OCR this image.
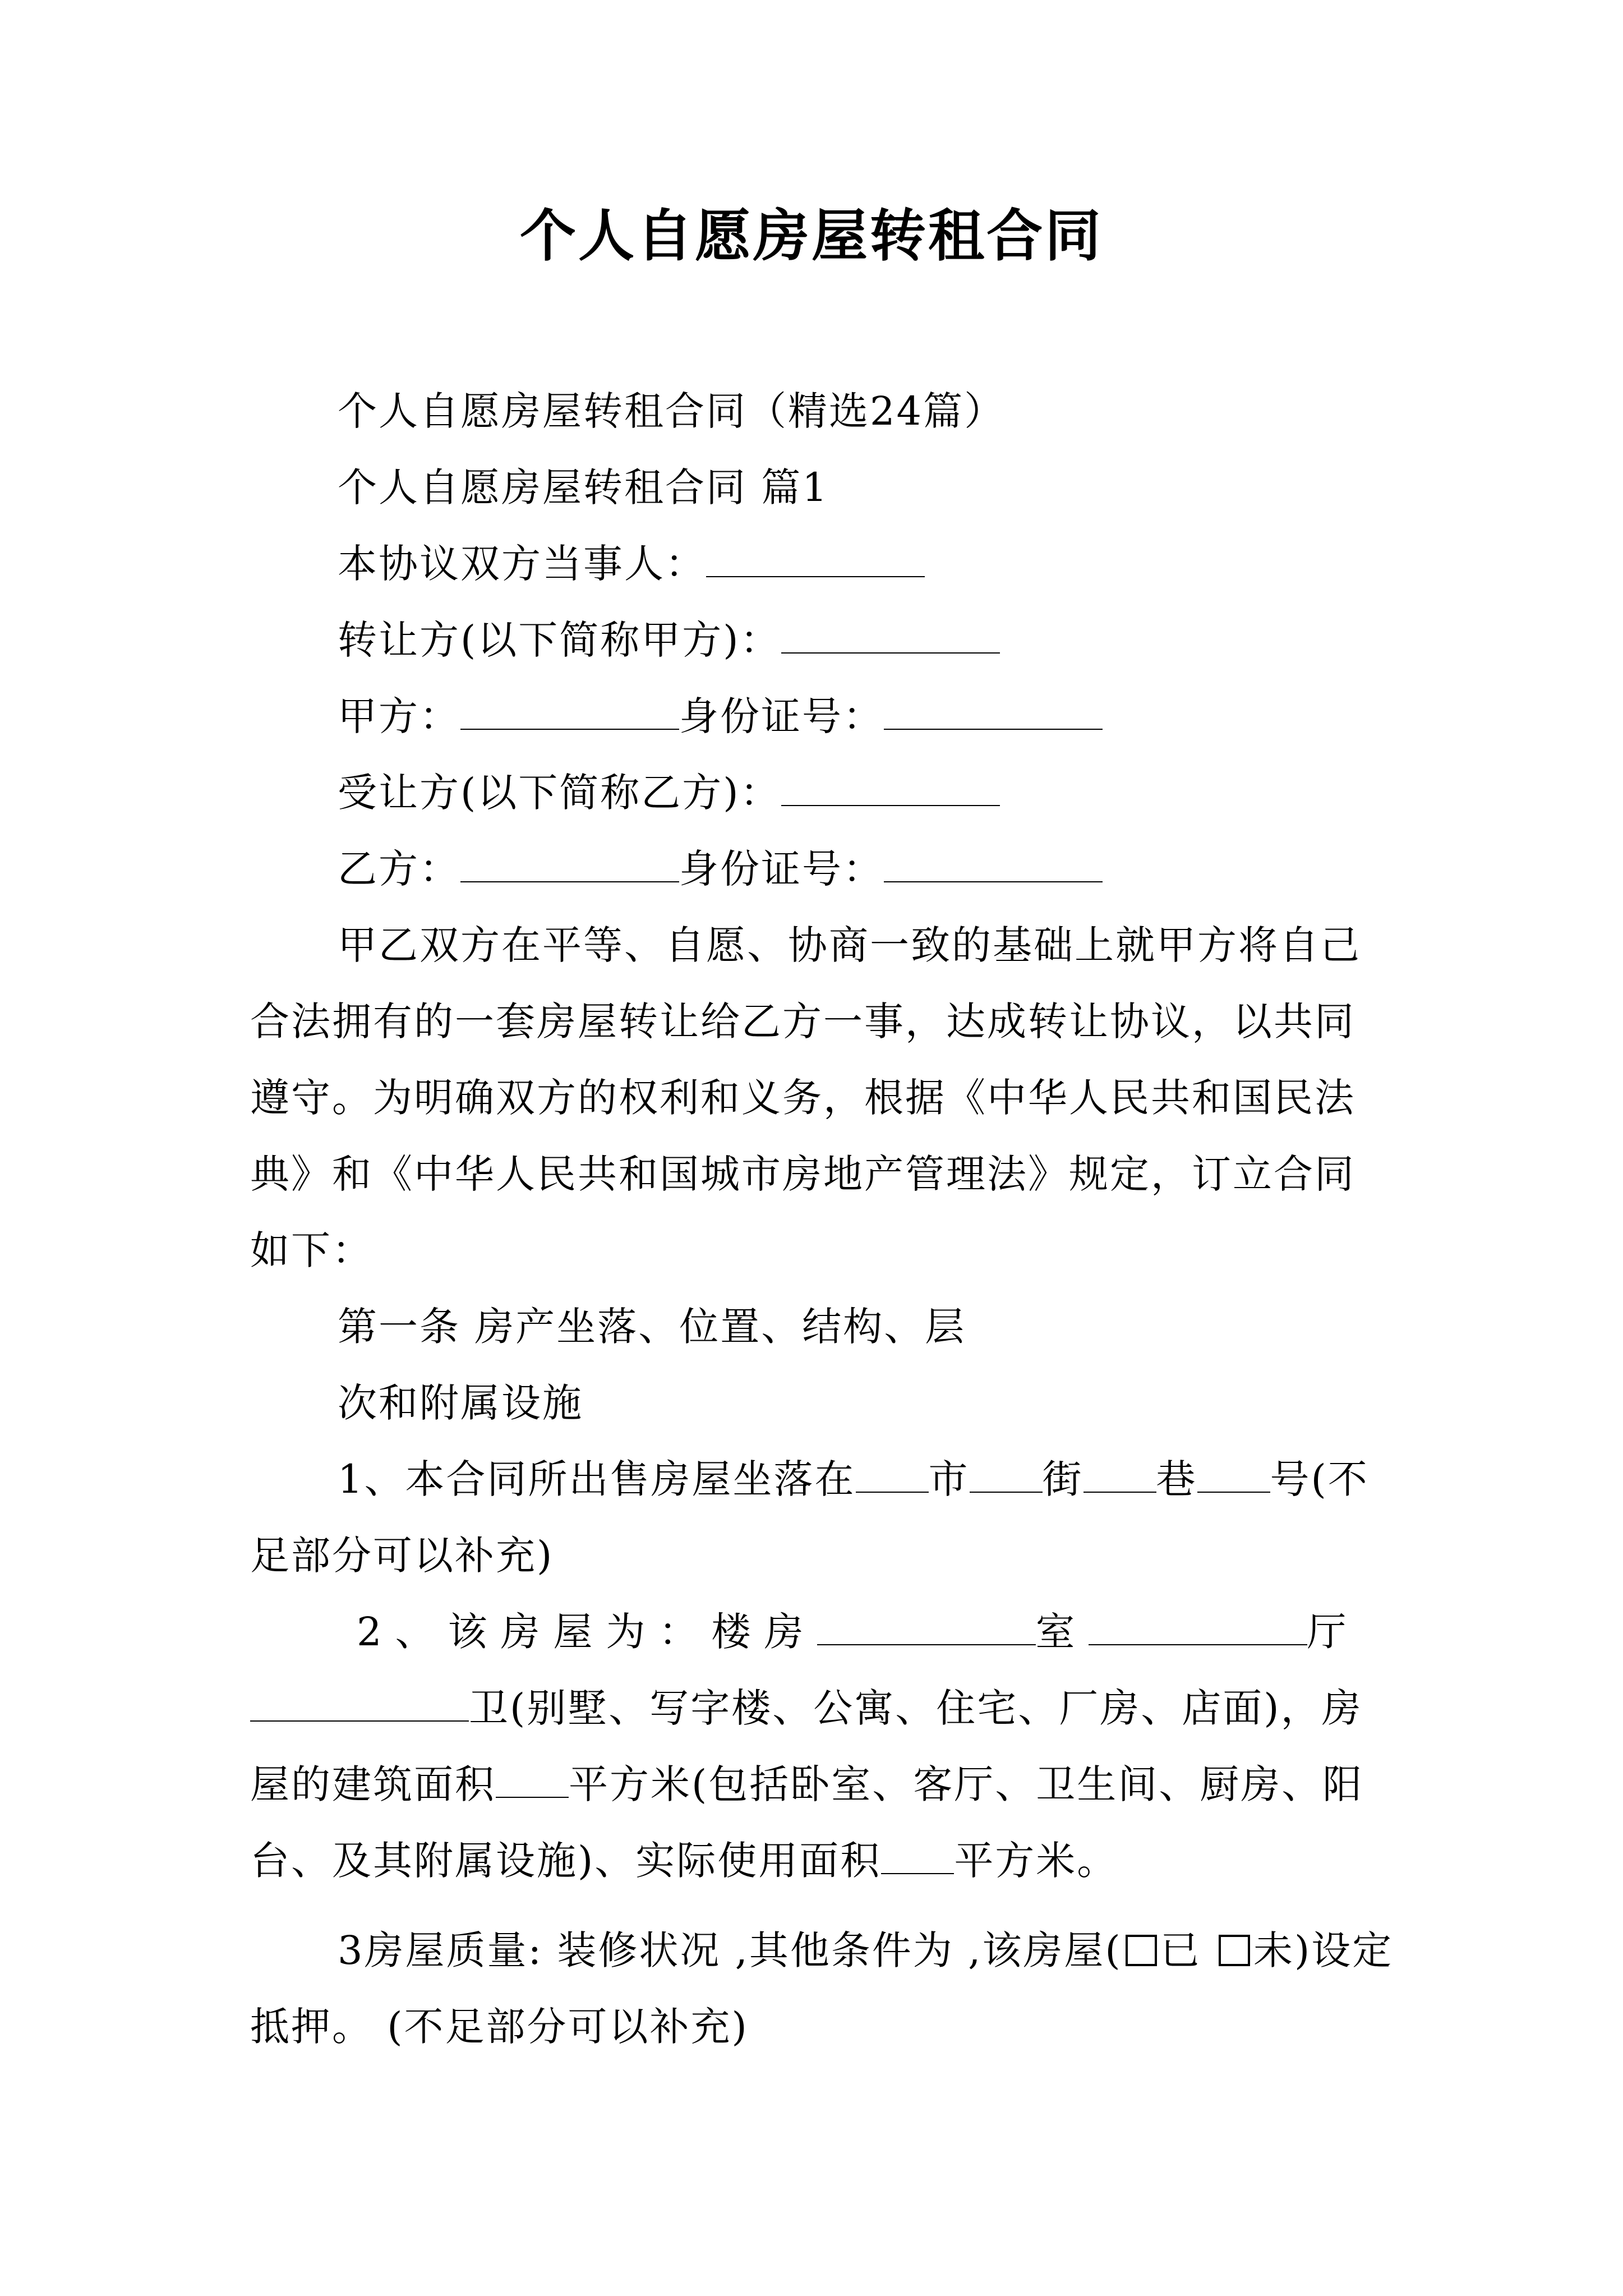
个人自愿房屋转租合同

个人自愿房屋转租合同（精选24篇）

个人自愿房屋转租合同 篇1

本协议双方当事人：

转让方(以下简称甲方)：

甲方：	身份证号：

受让方(以下简称乙方)：

乙方：	身份证号：

甲乙双方在平等、自愿、协商一致的基础上就甲方将自己合法拥有的一套房屋转让给乙方一事，达成转让协议，以共同遵守。为明确双方的权利和义务，根据《中华人民共和国民法典》和《中华人民共和国城市房地产管理法》规定，订立合同如下：

第一条 房产坐落、位置、结构、层

次和附属设施

1、本合同所出售房屋坐落在 市 街 巷 号(不足部分可以补充)

2、该房屋为：楼房	室	厅卫(别墅、写字楼、公寓、住宅、厂房、店面)，房屋的建筑面积 平方米(包括卧室、客厅、卫生间、厨房、阳台、及其附属设施)、实际使用面积 平方米。

3房屋质量: 装修状况 ,其他条件为 ,该房屋( 已 未)设定抵押。 (不足部分可以补充)
